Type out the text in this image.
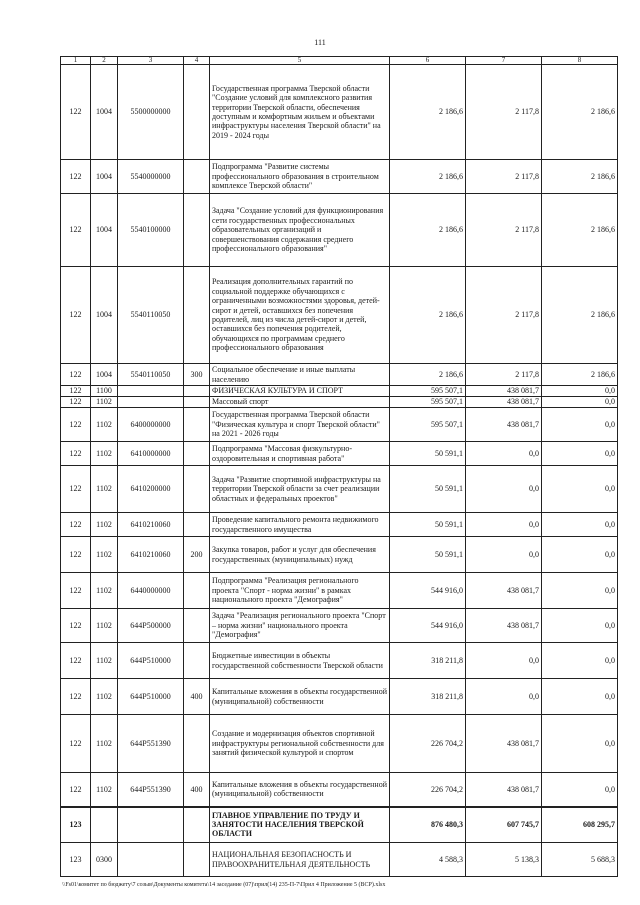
111
1	2	3	4	5	6	7	8
122	1004	5500000000		Государственная программа Тверской области "Создание условий для комплексного развития территории Тверской области, обеспечения доступным и комфортным жильем и объектами инфраструктуры населения Тверской области" на 2019 - 2024 годы	2 186,6	2 117,8	2 186,6
122	1004	5540000000		Подпрограмма "Развитие системы профессионального образования в строительном комплексе Тверской области"	2 186,6	2 117,8	2 186,6
122	1004	5540100000		Задача "Создание условий для функционирования сети государственных профессиональных образовательных организаций и совершенствования содержания среднего профессионального образования"	2 186,6	2 117,8	2 186,6
122	1004	5540110050		Реализация дополнительных гарантий по социальной поддержке обучающихся с ограниченными возможностями здоровья, детей-сирот и детей, оставшихся без попечения родителей, лиц из числа детей-сирот и детей, оставшихся без попечения родителей, обучающихся по программам среднего профессионального образования	2 186,6	2 117,8	2 186,6
122	1004	5540110050	300	Социальное обеспечение и иные выплаты населению	2 186,6	2 117,8	2 186,6
122	1100			ФИЗИЧЕСКАЯ КУЛЬТУРА И СПОРТ	595 507,1	438 081,7	0,0
122	1102			Массовый спорт	595 507,1	438 081,7	0,0
122	1102	6400000000		Государственная программа Тверской области "Физическая культура и спорт Тверской области" на 2021 - 2026 годы	595 507,1	438 081,7	0,0
122	1102	6410000000		Подпрограмма "Массовая физкультурно-оздоровительная и спортивная работа"	50 591,1	0,0	0,0
122	1102	6410200000		Задача "Развитие спортивной инфраструктуры на территории Тверской области за счет реализации областных и федеральных проектов"	50 591,1	0,0	0,0
122	1102	6410210060		Проведение капитального ремонта недвижимого государственного имущества	50 591,1	0,0	0,0
122	1102	6410210060	200	Закупка товаров, работ и услуг для обеспечения государственных (муниципальных) нужд	50 591,1	0,0	0,0
122	1102	6440000000		Подпрограмма "Реализация регионального проекта "Спорт - норма жизни" в рамках национального проекта "Демография"	544 916,0	438 081,7	0,0
122	1102	644Р500000		Задача "Реализация регионального проекта "Спорт – норма жизни" национального проекта "Демография"	544 916,0	438 081,7	0,0
122	1102	644Р510000		Бюджетные инвестиции в объекты государственной собственности Тверской области	318 211,8	0,0	0,0
122	1102	644Р510000	400	Капитальные вложения в объекты государственной (муниципальной) собственности	318 211,8	0,0	0,0
122	1102	644Р551390		Создание и модернизация объектов спортивной инфраструктуры региональной собственности для занятий физической культурой и спортом	226 704,2	438 081,7	0,0
122	1102	644Р551390	400	Капитальные вложения в объекты государственной (муниципальной) собственности	226 704,2	438 081,7	0,0
123				ГЛАВНОЕ УПРАВЛЕНИЕ ПО ТРУДУ И ЗАНЯТОСТИ НАСЕЛЕНИЯ ТВЕРСКОЙ ОБЛАСТИ	876 480,3	607 745,7	608 295,7
123	0300			НАЦИОНАЛЬНАЯ БЕЗОПАСНОСТЬ И ПРАВООХРАНИТЕЛЬНАЯ ДЕЯТЕЛЬНОСТЬ	4 588,3	5 138,3	5 688,3
\\Fs01\комитет по бюджету\7 созыв\Документы комитета\14 заседание (07)\прил(14) 235-П-7\Прил 4 Приложение 5 (ВСР).xlsx
